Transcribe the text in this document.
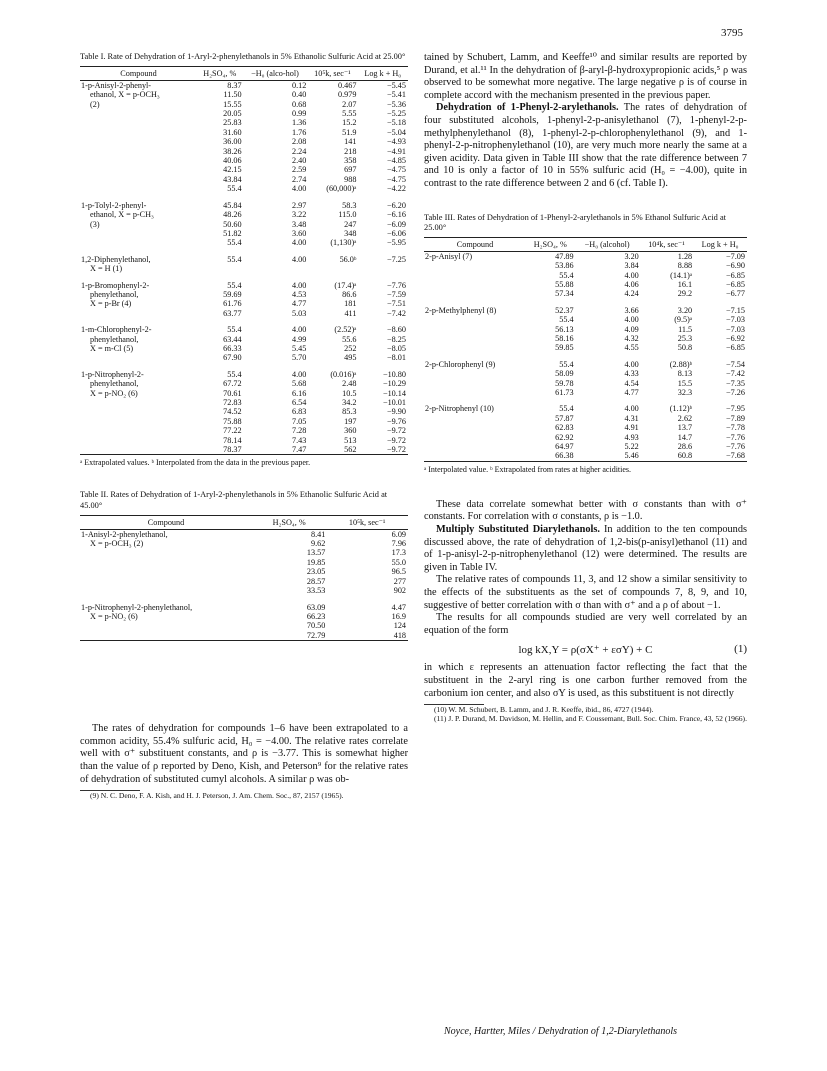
3795
Table I. Rate of Dehydration of 1-Aryl-2-phenylethanols in 5% Ethanolic Sulfuric Acid at 25.00°
Compound	H₂SO₄, %	−H₀ (alco-hol)	10⁵k, sec⁻¹	Log k + H₀
1-p-Anisyl-2-phenyl-	8.37	0.12	0.467	−5.45
ethanol, X = p-OCH₃	11.50	0.40	0.979	−5.41
(2)	15.55	0.68	2.07	−5.36
	20.05	0.99	5.55	−5.25
	25.83	1.36	15.2	−5.18
	31.60	1.76	51.9	−5.04
	36.00	2.08	141	−4.93
	38.26	2.24	218	−4.91
	40.06	2.40	358	−4.85
	42.15	2.59	697	−4.75
	43.84	2.74	988	−4.75
	55.4	4.00	(60,000)ᵃ	−4.22
1-p-Tolyl-2-phenyl-	45.84	2.97	58.3	−6.20
ethanol, X = p-CH₃	48.26	3.22	115.0	−6.16
(3)	50.60	3.48	247	−6.09
	51.82	3.60	348	−6.06
	55.4	4.00	(1,130)ᵃ	−5.95
1,2-Diphenylethanol,	55.4	4.00	56.0ᵇ	−7.25
X = H (1)				
1-p-Bromophenyl-2-	55.4	4.00	(17.4)ᵃ	−7.76
phenylethanol,	59.69	4.53	86.6	−7.59
X = p-Br (4)	61.76	4.77	181	−7.51
	63.77	5.03	411	−7.42
1-m-Chlorophenyl-2-	55.4	4.00	(2.52)ᵃ	−8.60
phenylethanol,	63.44	4.99	55.6	−8.25
X = m-Cl (5)	66.33	5.45	252	−8.05
	67.90	5.70	495	−8.01
1-p-Nitrophenyl-2-	55.4	4.00	(0.016)ᵃ	−10.80
phenylethanol,	67.72	5.68	2.48	−10.29
X = p-NO₂ (6)	70.61	6.16	10.5	−10.14
	72.83	6.54	34.2	−10.01
	74.52	6.83	85.3	−9.90
	75.88	7.05	197	−9.76
	77.22	7.28	360	−9.72
	78.14	7.43	513	−9.72
	78.37	7.47	562	−9.72
ᵃ Extrapolated values. ᵇ Interpolated from the data in the previous paper.
Table II. Rates of Dehydration of 1-Aryl-2-phenylethanols in 5% Ethanolic Sulfuric Acid at 45.00°
Compound	H₂SO₄, %	10⁵k, sec⁻¹
1-Anisyl-2-phenylethanol,	8.41	6.09
X = p-OCH₃ (2)	9.62	7.96
	13.57	17.3
	19.85	55.0
	23.05	96.5
	28.57	277
	33.53	902
1-p-Nitrophenyl-2-phenylethanol,	63.09	4.47
X = p-NO₂ (6)	66.23	16.9
	70.50	124
	72.79	418

The rates of dehydration for compounds 1–6 have been extrapolated to a common acidity, 55.4% sulfuric acid, H₀ = −4.00. The relative rates correlate well with σ⁺ substituent constants, and ρ is −3.77. This is somewhat higher than the value of ρ reported by Deno, Kish, and Peterson⁹ for the relative rates of dehydration of substituted cumyl alcohols. A similar ρ was ob-

(9) N. C. Deno, F. A. Kish, and H. J. Peterson, J. Am. Chem. Soc., 87, 2157 (1965).

tained by Schubert, Lamm, and Keeffe¹⁰ and similar results are reported by Durand, et al.¹¹ In the dehydration of β-aryl-β-hydroxypropionic acids,⁵ ρ was observed to be somewhat more negative. The large negative ρ is of course in complete accord with the mechanism presented in the previous paper.

Dehydration of 1-Phenyl-2-arylethanols. The rates of dehydration of four substituted alcohols, 1-phenyl-2-p-anisylethanol (7), 1-phenyl-2-p-methylphenylethanol (8), 1-phenyl-2-p-chlorophenylethanol (9), and 1-phenyl-2-p-nitrophenylethanol (10), are very much more nearly the same at a given acidity. Data given in Table III show that the rate difference between 7 and 10 is only a factor of 10 in 55% sulfuric acid (H₀ = −4.00), quite in contrast to the rate difference between 2 and 6 (cf. Table I).

Table III. Rates of Dehydration of 1-Phenyl-2-arylethanols in 5% Ethanol Sulfuric Acid at 25.00°
Compound	H₂SO₄, %	−H₀ (alcohol)	10⁴k, sec⁻¹	Log k + H₀
2-p-Anisyl (7)	47.89	3.20	1.28	−7.09
	53.86	3.84	8.88	−6.90
	55.4	4.00	(14.1)ᵃ	−6.85
	55.88	4.06	16.1	−6.85
	57.34	4.24	29.2	−6.77
2-p-Methylphenyl (8)	52.37	3.66	3.20	−7.15
	55.4	4.00	(9.5)ᵃ	−7.03
	56.13	4.09	11.5	−7.03
	58.16	4.32	25.3	−6.92
	59.85	4.55	50.8	−6.85
2-p-Chlorophenyl (9)	55.4	4.00	(2.88)ᵇ	−7.54
	58.09	4.33	8.13	−7.42
	59.78	4.54	15.5	−7.35
	61.73	4.77	32.3	−7.26
2-p-Nitrophenyl (10)	55.4	4.00	(1.12)ᵇ	−7.95
	57.87	4.31	2.62	−7.89
	62.83	4.91	13.7	−7.78
	62.92	4.93	14.7	−7.76
	64.97	5.22	28.6	−7.76
	66.38	5.46	60.8	−7.68
ᵃ Interpolated value. ᵇ Extrapolated from rates at higher acidities.

These data correlate somewhat better with σ constants than with σ⁺ constants. For correlation with σ constants, ρ is −1.0.

Multiply Substituted Diarylethanols. In addition to the ten compounds discussed above, the rate of dehydration of 1,2-bis(p-anisyl)ethanol (11) and of 1-p-anisyl-2-p-nitrophenylethanol (12) were determined. The results are given in Table IV.

The relative rates of compounds 11, 3, and 12 show a similar sensitivity to the effects of the substituents as the set of compounds 7, 8, 9, and 10, suggestive of better correlation with σ than with σ⁺ and a ρ of about −1.

The results for all compounds studied are very well correlated by an equation of the form

log kX,Y = ρ(σX⁺ + εσY) + C	(1)

in which ε represents an attenuation factor reflecting the fact that the substituent in the 2-aryl ring is one carbon further removed from the carbonium ion center, and also σY is used, as this substituent is not directly

(10) W. M. Schubert, B. Lamm, and J. R. Keeffe, ibid., 86, 4727 (1944).

(11) J. P. Durand, M. Davidson, M. Hellin, and F. Coussemant, Bull. Soc. Chim. France, 43, 52 (1966).

Noyce, Hartter, Miles / Dehydration of 1,2-Diarylethanols
